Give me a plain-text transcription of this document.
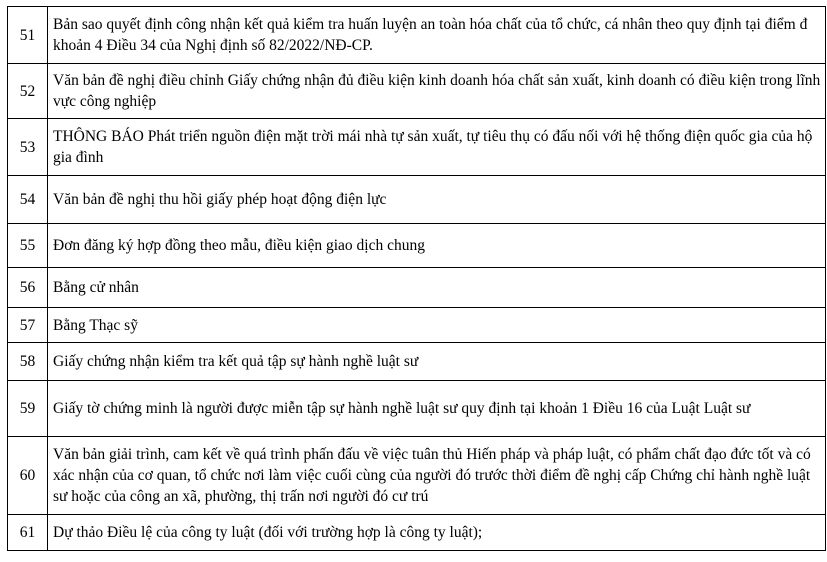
51	Bản sao quyết định công nhận kết quả kiểm tra huấn luyện an toàn hóa chất của tổ chức, cá nhân theo quy định tại điểm đ khoản 4 Điều 34 của Nghị định số 82/2022/NĐ-CP.
52	Văn bản đề nghị điều chỉnh Giấy chứng nhận đủ điều kiện kinh doanh hóa chất sản xuất, kinh doanh có điều kiện trong lĩnh vực công nghiệp
53	THÔNG BÁO Phát triển nguồn điện mặt trời mái nhà tự sản xuất, tự tiêu thụ có đấu nối với hệ thống điện quốc gia của hộ gia đình
54	Văn bản đề nghị thu hồi giấy phép hoạt động điện lực
55	Đơn đăng ký hợp đồng theo mẫu, điều kiện giao dịch chung
56	Bằng cử nhân
57	Bằng Thạc sỹ
58	Giấy chứng nhận kiểm tra kết quả tập sự hành nghề luật sư
59	Giấy tờ chứng minh là người được miễn tập sự hành nghề luật sư quy định tại khoản 1 Điều 16 của Luật Luật sư
60	Văn bản giải trình, cam kết về quá trình phấn đấu về việc tuân thủ Hiến pháp và pháp luật, có phẩm chất đạo đức tốt và có xác nhận của cơ quan, tổ chức nơi làm việc cuối cùng của người đó trước thời điểm đề nghị cấp Chứng chỉ hành nghề luật sư hoặc của công an xã, phường, thị trấn nơi người đó cư trú
61	Dự thảo Điều lệ của công ty luật (đối với trường hợp là công ty luật);
